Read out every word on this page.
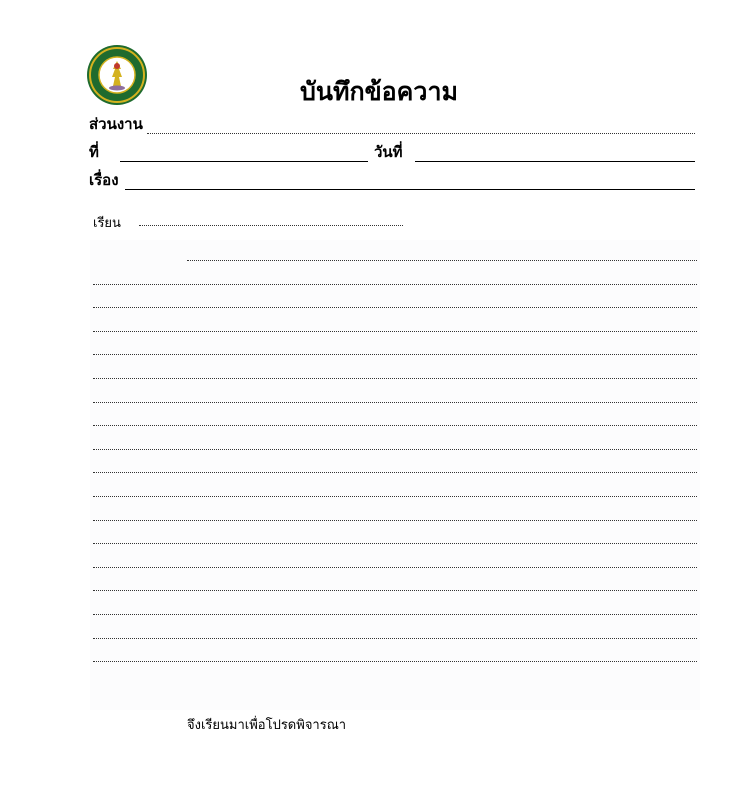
บันทึกข้อความ
ส่วนงาน
ที่	วันที่
เรื่อง
เรียน
จึงเรียนมาเพื่อโปรดพิจารณา
